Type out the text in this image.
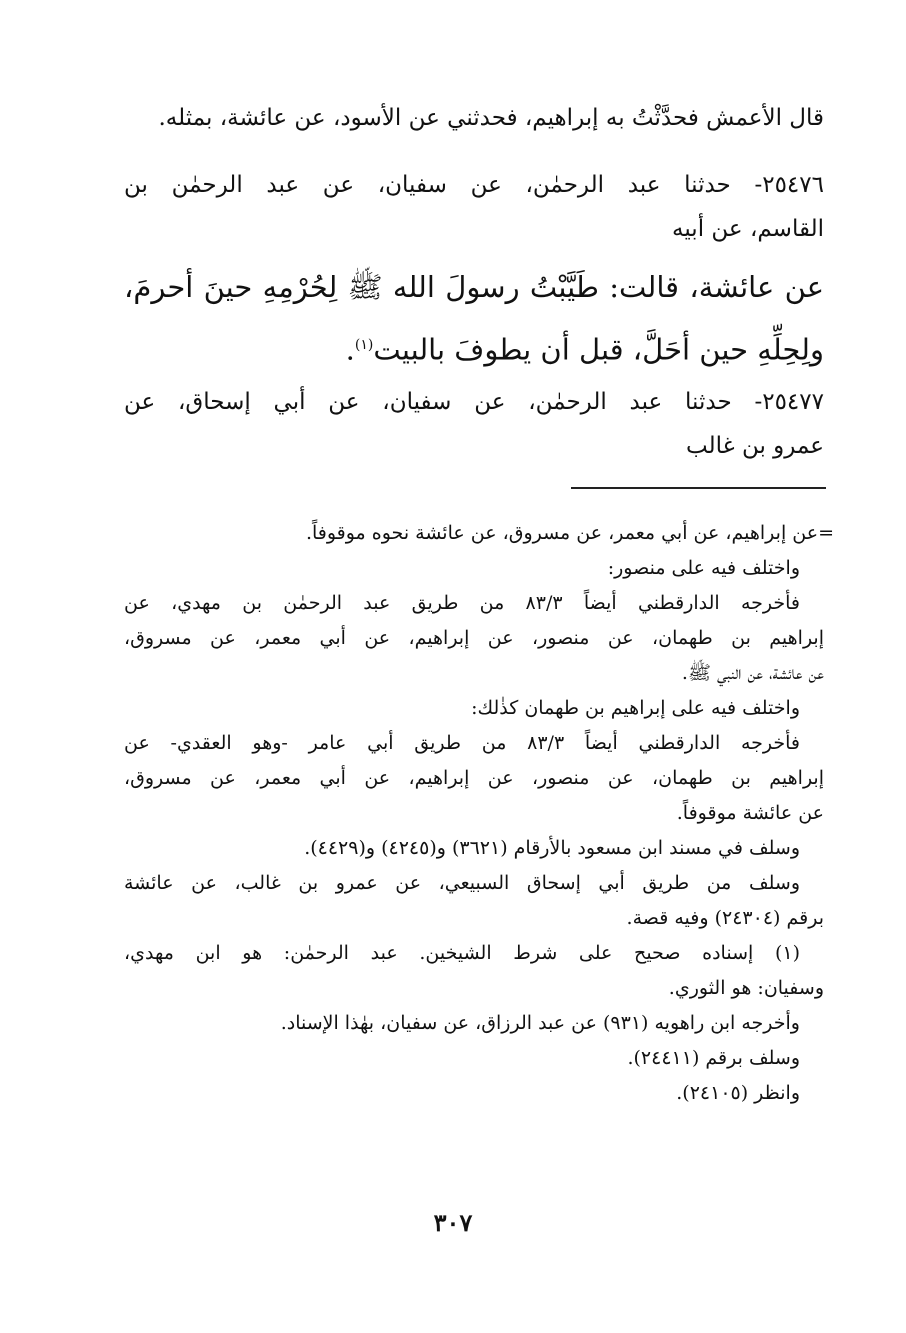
قال الأعمش فحدَّثْتُ به إبراهيم، فحدثني عن الأسود، عن عائشة، بمثله.
٢٥٤٧٦- حدثنا عبد الرحمٰن، عن سفيان، عن عبد الرحمٰن بن
القاسم، عن أبيه
عن عائشة، قالت: طَيَّبْتُ رسولَ الله ﷺ لِحُرْمِهِ حينَ أحرمَ،
ولِحِلِّهِ حين أحَلَّ، قبل أن يطوفَ بالبيت$^{(١)}$.
٢٥٤٧٧- حدثنا عبد الرحمٰن، عن سفيان، عن أبي إسحاق، عن
عمرو بن غالب
=عن إبراهيم، عن أبي معمر، عن مسروق، عن عائشة نحوه موقوفاً.
واختلف فيه على منصور:
فأخرجه الدارقطني أيضاً ٨٣/٣ من طريق عبد الرحمٰن بن مهدي، عن
إبراهيم بن طهمان، عن منصور، عن إبراهيم، عن أبي معمر، عن مسروق،
عن عائشة، عن النبي ﷺ.
واختلف فيه على إبراهيم بن طهمان كذٰلك:
فأخرجه الدارقطني أيضاً ٨٣/٣ من طريق أبي عامر -وهو العقدي- عن
إبراهيم بن طهمان، عن منصور، عن إبراهيم، عن أبي معمر، عن مسروق،
عن عائشة موقوفاً.
وسلف في مسند ابن مسعود بالأرقام (٣٦٢١) و(٤٢٤٥) و(٤٤٢٩).
وسلف من طريق أبي إسحاق السبيعي، عن عمرو بن غالب، عن عائشة
برقم (٢٤٣٠٤) وفيه قصة.
(١) إسناده صحيح على شرط الشيخين. عبد الرحمٰن: هو ابن مهدي،
وسفيان: هو الثوري.
وأخرجه ابن راهويه (٩٣١) عن عبد الرزاق، عن سفيان، بهٰذا الإسناد.
وسلف برقم (٢٤٤١١).
وانظر (٢٤١٠٥).
٣٠٧
